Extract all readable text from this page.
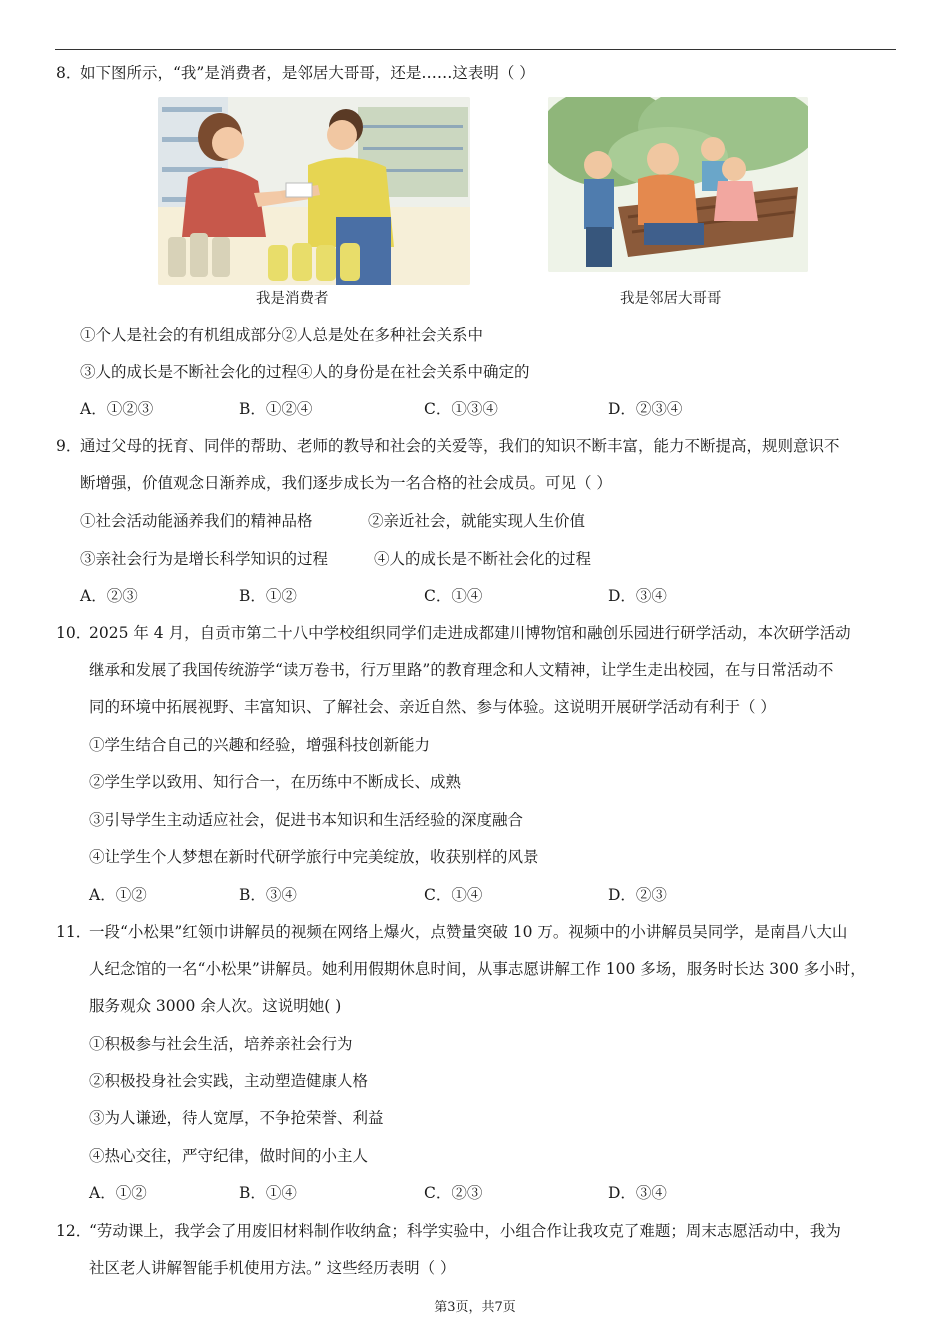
8．
如下图所示，“我”是消费者，是邻居大哥哥，还是……这表明（ ）
我是消费者	我是邻居大哥哥
①个人是社会的有机组成部分②人总是处在多种社会关系中
③人的成长是不断社会化的过程④人的身份是在社会关系中确定的
A．①②③	B．①②④	C．①③④	D．②③④
9．
通过父母的抚育、同伴的帮助、老师的教导和社会的关爱等，我们的知识不断丰富，能力不断提高，规则意识不
断增强，价值观念日渐养成，我们逐步成长为一名合格的社会成员。可见（ ）
①社会活动能涵养我们的精神品格	②亲近社会，就能实现人生价值
③亲社会行为是增长科学知识的过程	④人的成长是不断社会化的过程
A．②③	B．①②	C．①④	D．③④
10．
2025 年 4 月，自贡市第二十八中学校组织同学们走进成都建川博物馆和融创乐园进行研学活动，本次研学活动
继承和发展了我国传统游学“读万卷书，行万里路”的教育理念和人文精神，让学生走出校园，在与日常活动不
同的环境中拓展视野、丰富知识、了解社会、亲近自然、参与体验。这说明开展研学活动有利于（ ）
①学生结合自己的兴趣和经验，增强科技创新能力
②学生学以致用、知行合一，在历练中不断成长、成熟
③引导学生主动适应社会，促进书本知识和生活经验的深度融合
④让学生个人梦想在新时代研学旅行中完美绽放，收获别样的风景
A．①②	B．③④	C．①④	D．②③
11．
一段“小松果”红领巾讲解员的视频在网络上爆火，点赞量突破 10 万。视频中的小讲解员吴同学，是南昌八大山
人纪念馆的一名“小松果”讲解员。她利用假期休息时间，从事志愿讲解工作 100 多场，服务时长达 300 多小时，
服务观众 3000 余人次。这说明她( )
①积极参与社会生活，培养亲社会行为
②积极投身社会实践，主动塑造健康人格
③为人谦逊，待人宽厚，不争抢荣誉、利益
④热心交往，严守纪律，做时间的小主人
A．①②	B．①④	C．②③	D．③④
12．
“劳动课上，我学会了用废旧材料制作收纳盒；科学实验中，小组合作让我攻克了难题；周末志愿活动中，我为
社区老人讲解智能手机使用方法。” 这些经历表明（ ）
第3页，共7页
